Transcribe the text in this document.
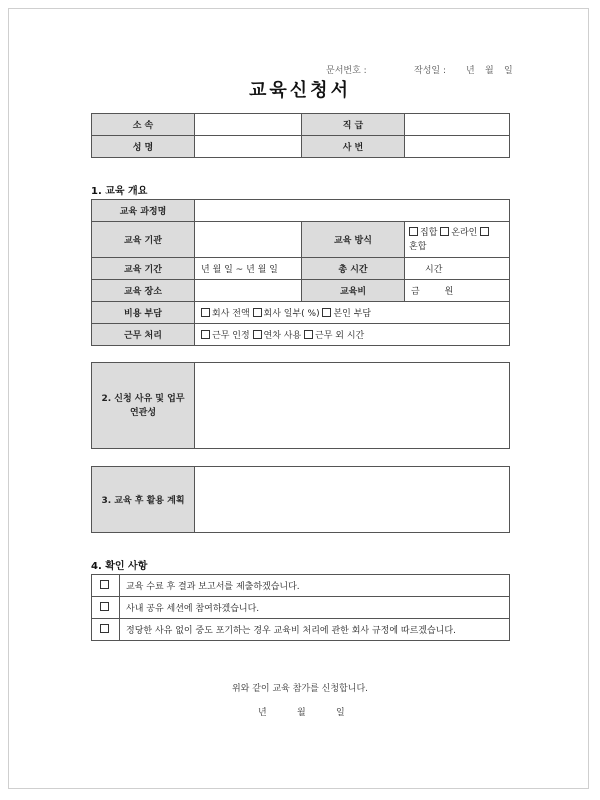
문서번호 :	작성일 : 년 월 일
교육신청서
소 속		직 급	
성 명		사 번	
1. 교육 개요
교육 과정명			
교육 기관		교육 방식	집합 온라인
혼합
교육 기간	년 월 일 ~ 년 월 일	총 시간	시간
교육 장소		교육비	금 원
비용 부담	회사 전액 회사 일부( %) 본인 부담		
근무 처리	근무 인정 연차 사용 근무 외 시간		
2. 신청 사유 및 업무
연관성

3. 교육 후 활용 계획	
4. 확인 사항
	교육 수료 후 결과 보고서를 제출하겠습니다.
	사내 공유 세션에 참여하겠습니다.
	정당한 사유 없이 중도 포기하는 경우 교육비 처리에 관한 회사 규정에 따르겠습니다.
위와 같이 교육 참가를 신청합니다.
년	월	일
